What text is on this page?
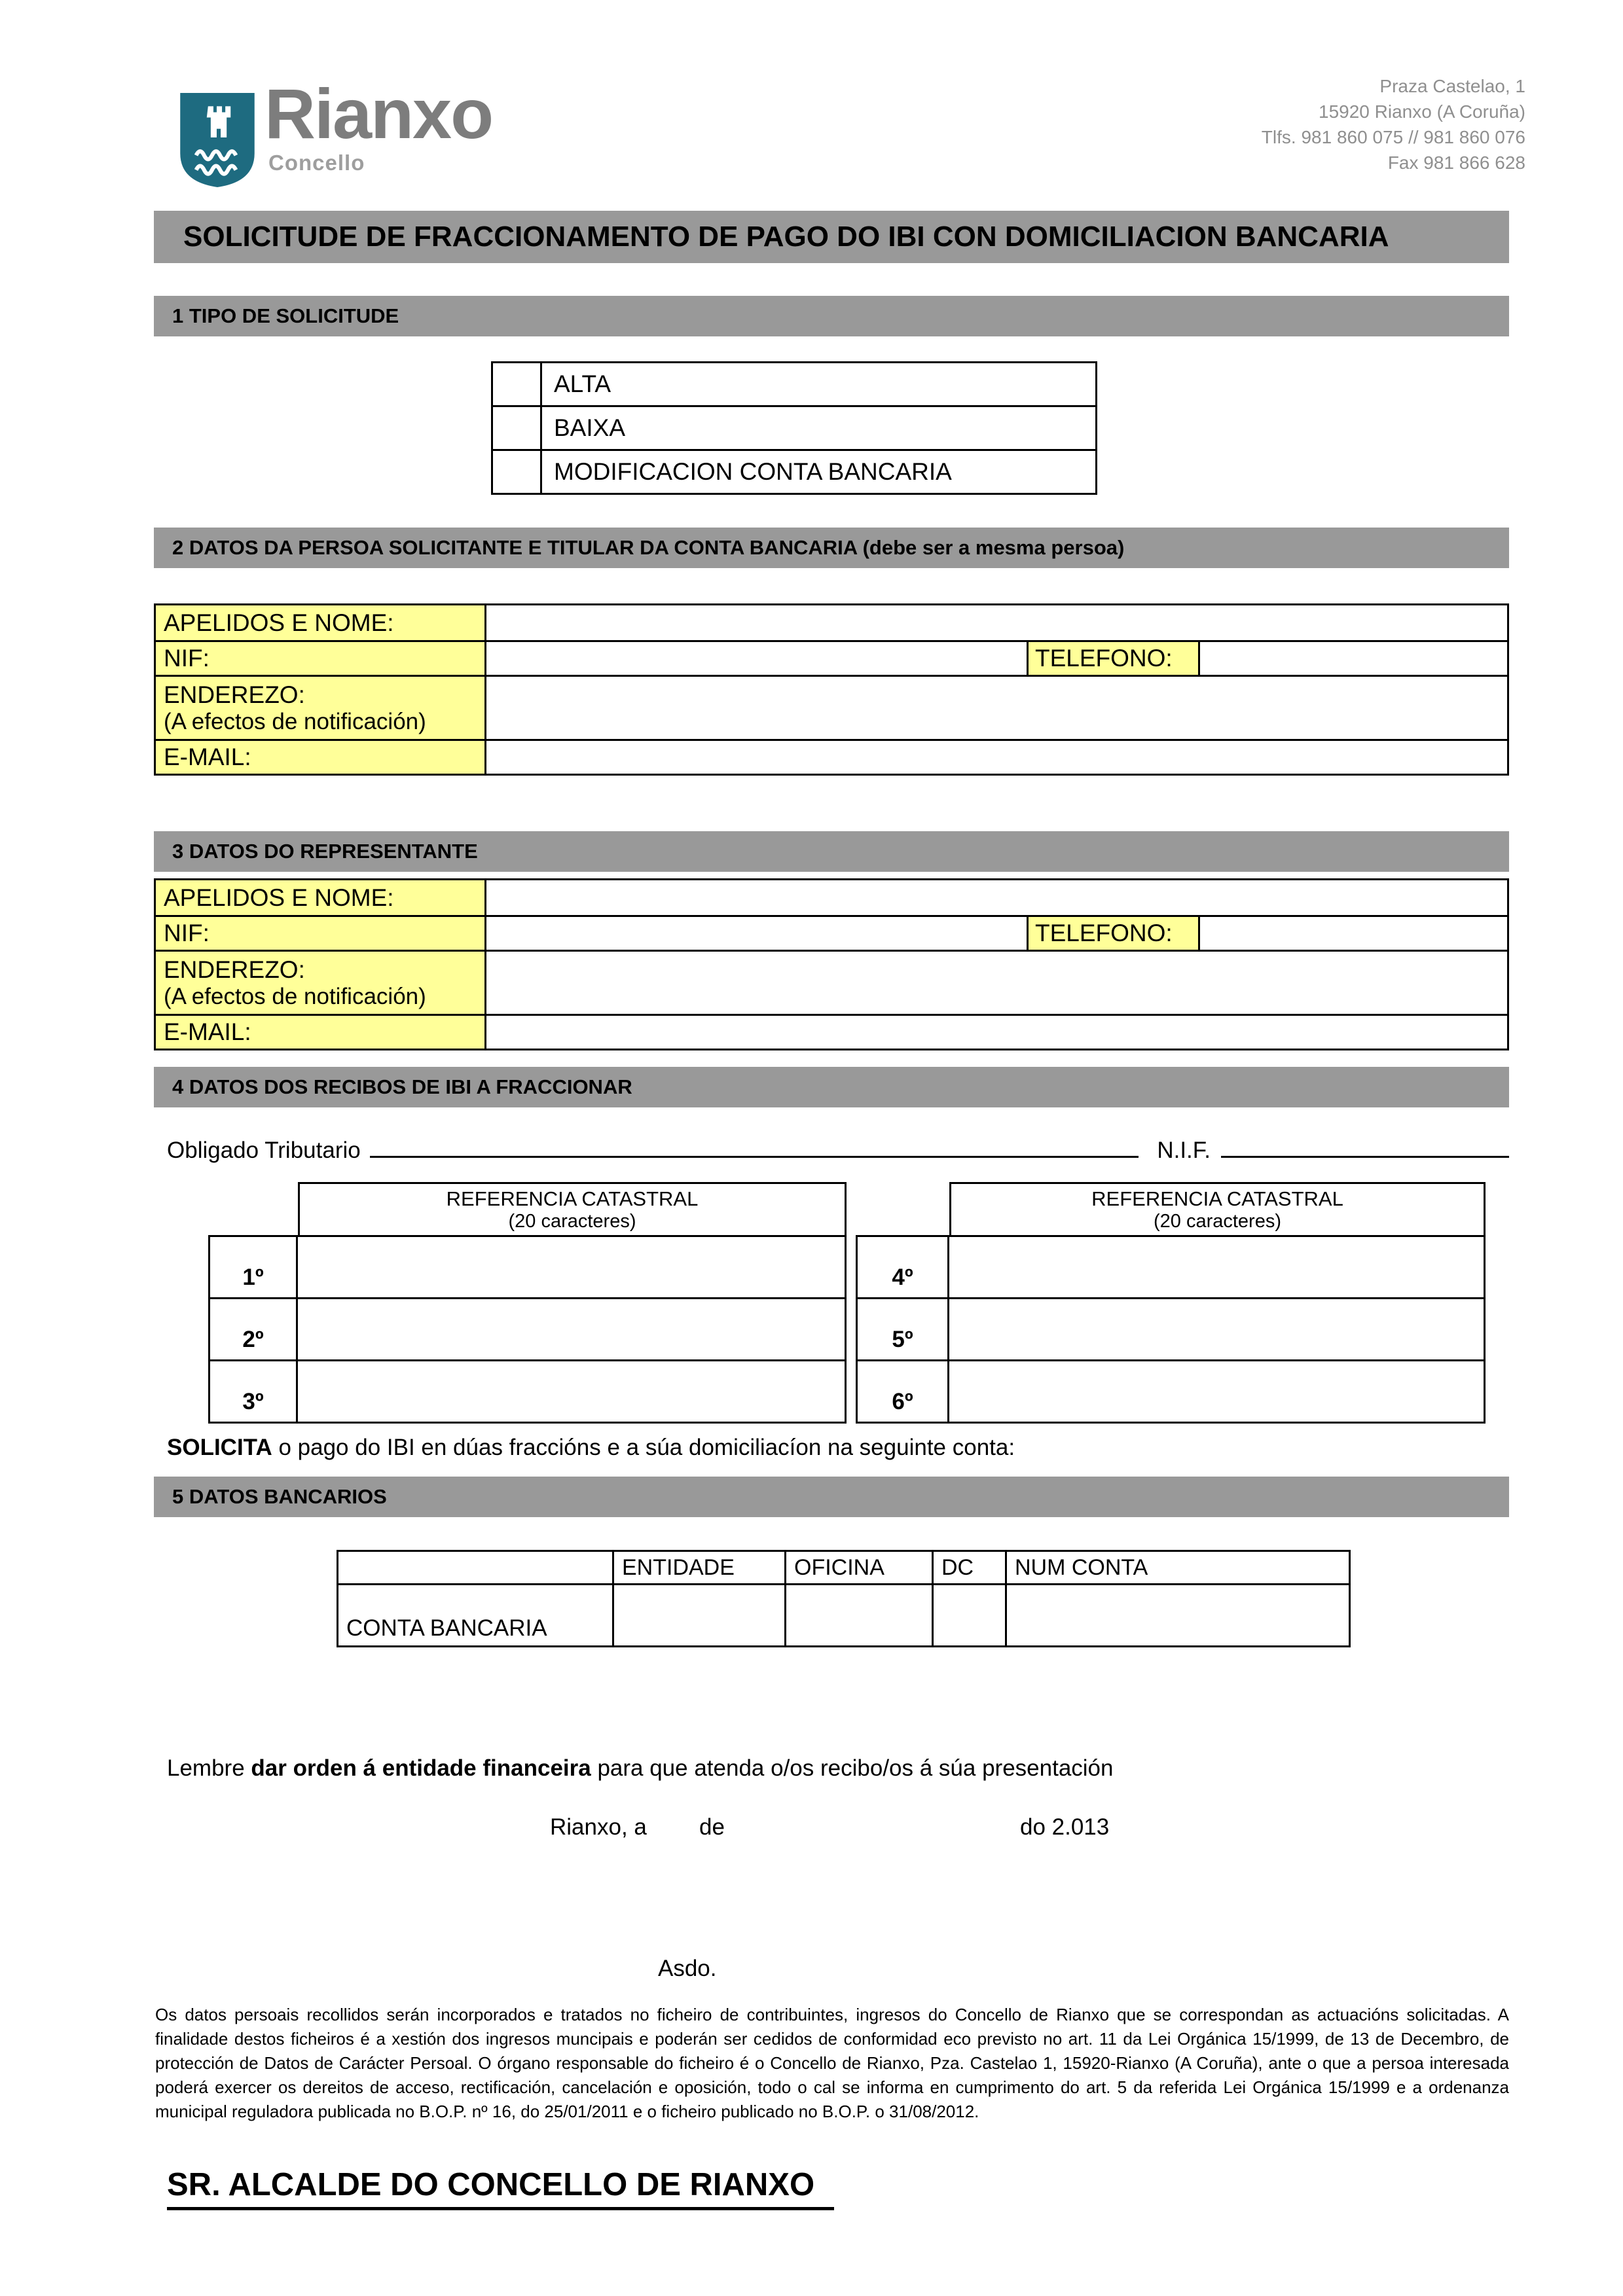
Rianxo
Concello
Praza Castelao, 1
15920 Rianxo (A Coruña)
Tlfs. 981 860 075 // 981 860 076
Fax 981 866 628
SOLICITUDE DE FRACCIONAMENTO DE PAGO DO IBI CON DOMICILIACION BANCARIA
1 TIPO DE SOLICITUDE
ALTA
BAIXA
MODIFICACION CONTA BANCARIA
2 DATOS DA PERSOA SOLICITANTE E TITULAR DA CONTA BANCARIA (debe ser a mesma persoa)
APELIDOS E NOME:
NIF:	TELEFONO:
ENDEREZO:
(A efectos de notificación)
E-MAIL:
3 DATOS DO REPRESENTANTE
APELIDOS E NOME:
NIF:	TELEFONO:
ENDEREZO:
(A efectos de notificación)
E-MAIL:
4 DATOS DOS RECIBOS DE IBI A FRACCIONAR
Obligado Tributario	N.I.F.
REFERENCIA CATASTRAL
(20 caracteres)
1º
2º
3º
REFERENCIA CATASTRAL
(20 caracteres)
4º
5º
6º
SOLICITA o pago do IBI en dúas fraccións e a súa domiciliacíon na seguinte conta:
5 DATOS BANCARIOS
ENTIDADE	OFICINA	DC	NUM CONTA
CONTA BANCARIA
Lembre dar orden á entidade financeira para que atenda o/os recibo/os á súa presentación
Rianxo, a de	do 2.013
Asdo.
Os datos persoais recollidos serán incorporados e tratados no ficheiro de contribuintes, ingresos do Concello de Rianxo que se correspondan as actuacións solicitadas. A finalidade destos ficheiros é a xestión dos ingresos muncipais e poderán ser cedidos de conformidad eco previsto no art. 11 da Lei Orgánica 15/1999, de 13 de Decembro, de protección de Datos de Carácter Persoal. O órgano responsable do ficheiro é o Concello de Rianxo, Pza. Castelao 1, 15920-Rianxo (A Coruña), ante o que a persoa interesada poderá exercer os dereitos de acceso, rectificación, cancelación e oposición, todo o cal se informa en cumprimento do art. 5 da referida Lei Orgánica 15/1999 e a ordenanza municipal reguladora publicada no B.O.P. nº 16, do 25/01/2011 e o ficheiro publicado no B.O.P. o 31/08/2012.
SR. ALCALDE DO CONCELLO DE RIANXO
